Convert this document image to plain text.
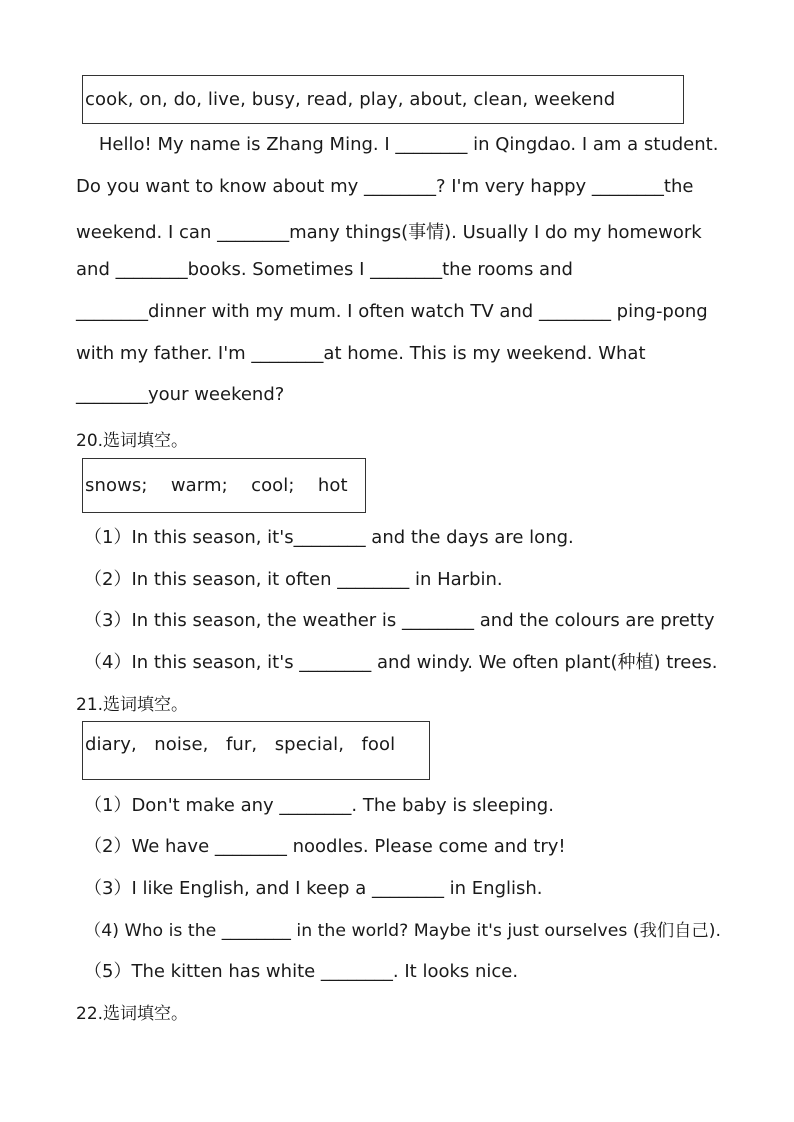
cook, on, do, live, busy, read, play, about, clean, weekend
Hello! My name is Zhang Ming. I ________ in Qingdao. I am a student.
Do you want to know about my ________? I'm very happy ________the
weekend. I can ________many things(事情). Usually I do my homework
and ________books. Sometimes I ________the rooms and
________dinner with my mum. I often watch TV and ________ ping-pong
with my father. I'm ________at home. This is my weekend. What
________your weekend?
20.选词填空。
snows;    warm;    cool;    hot
（1）In this season, it's________ and the days are long.
（2）In this season, it often ________ in Harbin.
（3）In this season, the weather is ________ and the colours are pretty
（4）In this season, it's ________ and windy. We often plant(种植) trees.
21.选词填空。
diary,   noise,   fur,   special,   fool
（1）Don't make any ________. The baby is sleeping.
（2）We have ________ noodles. Please come and try!
（3）I like English, and I keep a ________ in English.
（4) Who is the ________ in the world? Maybe it's just ourselves (我们自己).
（5）The kitten has white ________. It looks nice.
22.选词填空。
